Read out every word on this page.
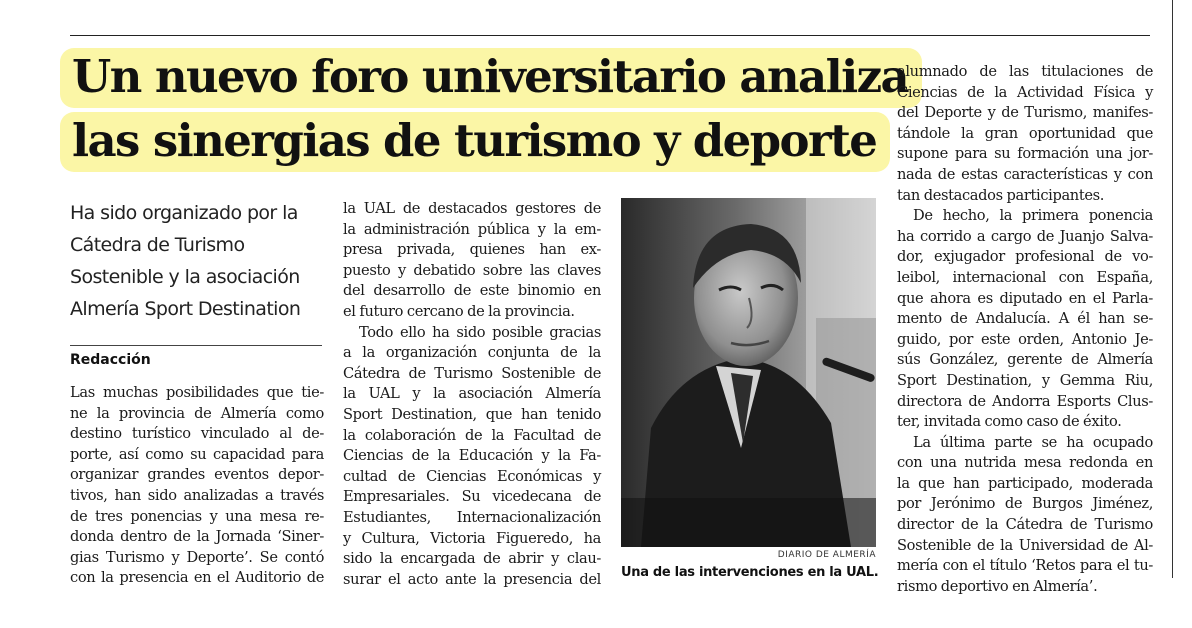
Un nuevo foro universitario analiza
las sinergias de turismo y deporte
Ha sido organizado por la
Cátedra de Turismo
Sostenible y la asociación
Almería Sport Destination
Redacción
Las muchas posibilidades que tie-
ne la provincia de Almería como
destino turístico vinculado al de-
porte, así como su capacidad para
organizar grandes eventos depor-
tivos, han sido analizadas a través
de tres ponencias y una mesa re-
donda dentro de la Jornada ‘Siner-
gias Turismo y Deporte’. Se contó
con la presencia en el Auditorio de
la UAL de destacados gestores de
la administración pública y la em-
presa privada, quienes han ex-
puesto y debatido sobre las claves
del desarrollo de este binomio en
el futuro cercano de la provincia.
Todo ello ha sido posible gracias
a la organización conjunta de la
Cátedra de Turismo Sostenible de
la UAL y la asociación Almería
Sport Destination, que han tenido
la colaboración de la Facultad de
Ciencias de la Educación y la Fa-
cultad de Ciencias Económicas y
Empresariales. Su vicedecana de
Estudiantes, Internacionalización
y Cultura, Victoria Figueredo, ha
sido la encargada de abrir y clau-
surar el acto ante la presencia del
DIARIO DE ALMERÍA
Una de las intervenciones en la UAL.
alumnado de las titulaciones de
Ciencias de la Actividad Física y
del Deporte y de Turismo, manifes-
tándole la gran oportunidad que
supone para su formación una jor-
nada de estas características y con
tan destacados participantes.
De hecho, la primera ponencia
ha corrido a cargo de Juanjo Salva-
dor, exjugador profesional de vo-
leibol, internacional con España,
que ahora es diputado en el Parla-
mento de Andalucía. A él han se-
guido, por este orden, Antonio Je-
sús González, gerente de Almería
Sport Destination, y Gemma Riu,
directora de Andorra Esports Clus-
ter, invitada como caso de éxito.
La última parte se ha ocupado
con una nutrida mesa redonda en
la que han participado, moderada
por Jerónimo de Burgos Jiménez,
director de la Cátedra de Turismo
Sostenible de la Universidad de Al-
mería con el título ‘Retos para el tu-
rismo deportivo en Almería’.
